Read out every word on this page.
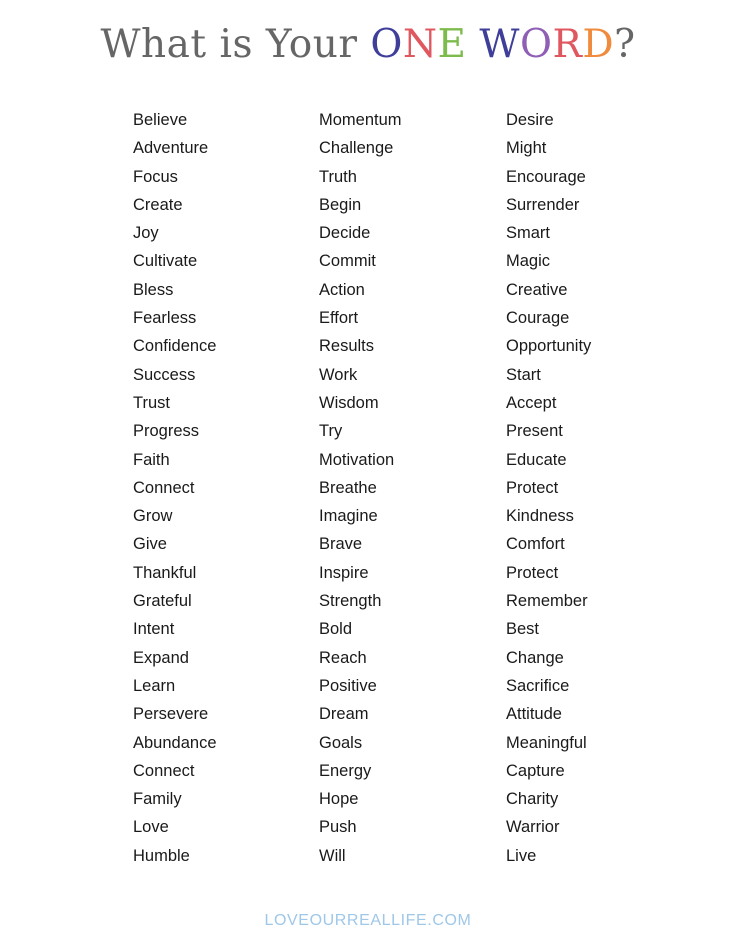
What is Your ONE WORD?
Believe
Adventure
Focus
Create
Joy
Cultivate
Bless
Fearless
Confidence
Success
Trust
Progress
Faith
Connect
Grow
Give
Thankful
Grateful
Intent
Expand
Learn
Persevere
Abundance
Connect
Family
Love
Humble
Momentum
Challenge
Truth
Begin
Decide
Commit
Action
Effort
Results
Work
Wisdom
Try
Motivation
Breathe
Imagine
Brave
Inspire
Strength
Bold
Reach
Positive
Dream
Goals
Energy
Hope
Push
Will
Desire
Might
Encourage
Surrender
Smart
Magic
Creative
Courage
Opportunity
Start
Accept
Present
Educate
Protect
Kindness
Comfort
Protect
Remember
Best
Change
Sacrifice
Attitude
Meaningful
Capture
Charity
Warrior
Live
LOVEOURREALLIFE.COM
